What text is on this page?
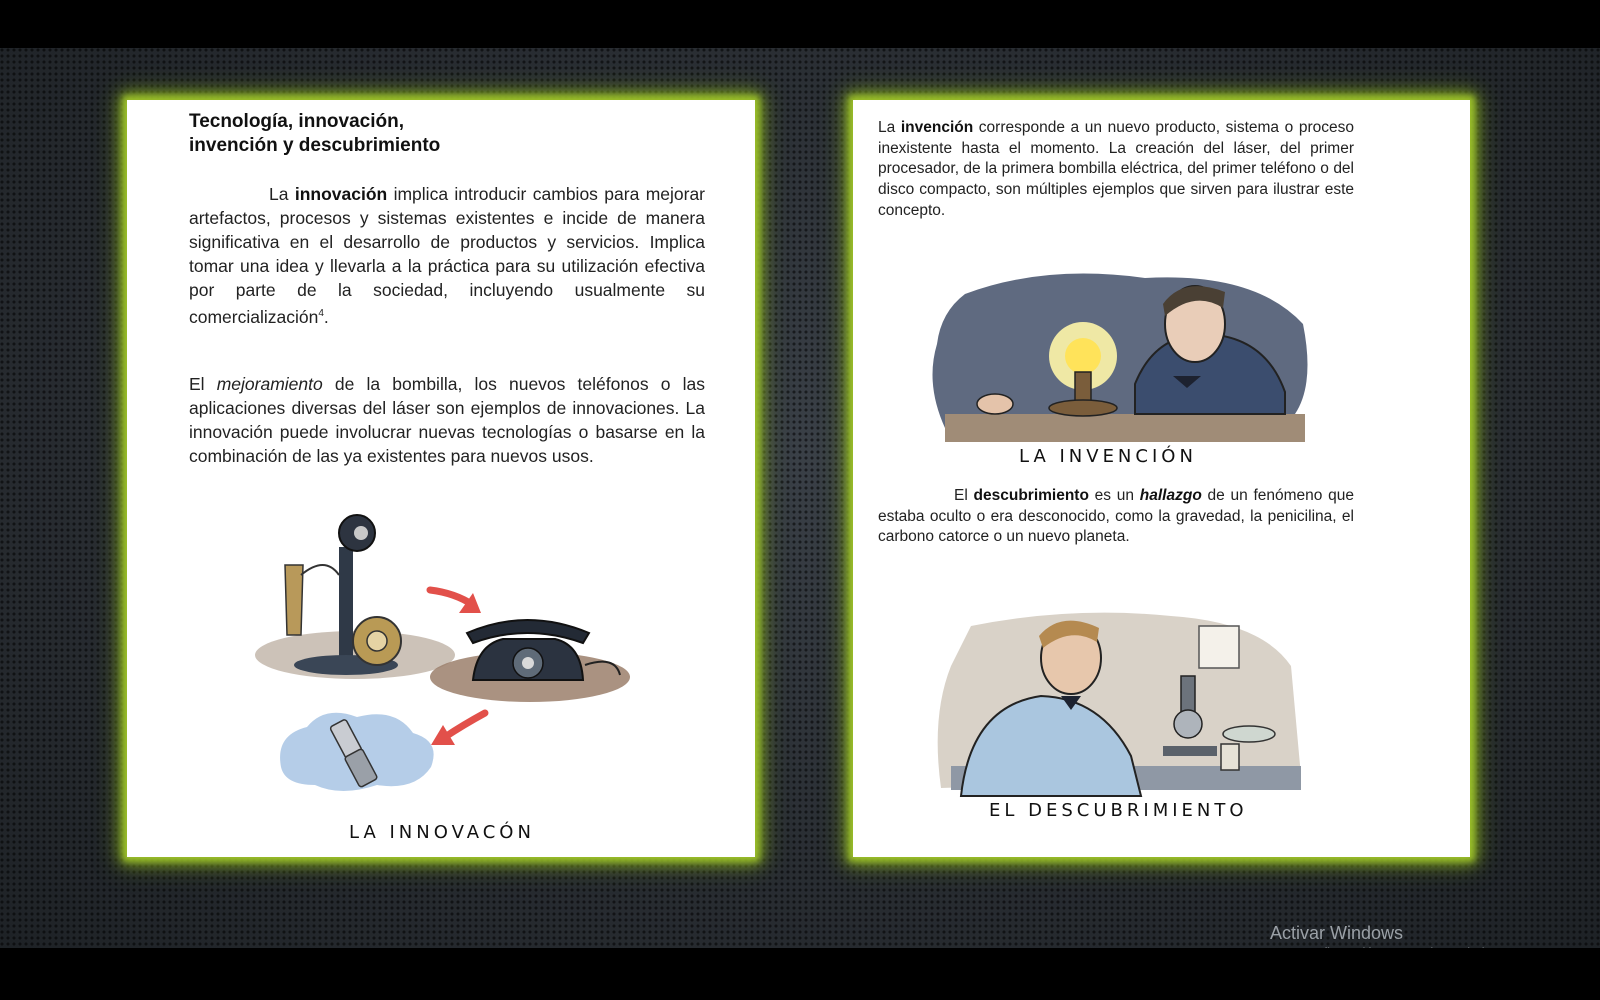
Tecnología, innovación,
invención y descubrimiento

La innovación implica introducir cambios para mejorar artefactos, procesos y sistemas existentes e incide de manera significativa en el desarrollo de productos y servicios. Implica tomar una idea y llevarla a la práctica para su utilización efectiva por parte de la sociedad, incluyendo usualmente su comercialización$^4$.

El mejoramiento de la bombilla, los nuevos teléfonos o las aplicaciones diversas del láser son ejemplos de innovaciones. La innovación puede involucrar nuevas tecnologías o basarse en la combinación de las ya existentes para nuevos usos.

LA INNOVACÓN

La invención corresponde a un nuevo producto, sistema o proceso inexistente hasta el momento. La creación del láser, del primer procesador, de la primera bombilla eléctrica, del primer teléfono o del disco compacto, son múltiples ejemplos que sirven para ilustrar este concepto.

LA INVENCIÓN

El descubrimiento es un hallazgo de un fenómeno que estaba oculto o era desconocido, como la gravedad, la penicilina, el carbono catorce o un nuevo planeta.

EL DESCUBRIMIENTO
Activar Windows
